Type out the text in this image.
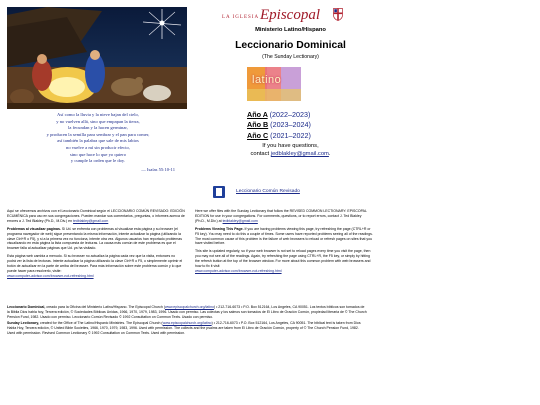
Así como la lluvia y la nieve bajan del cielo,
y no vuelven allá, sino que empapan la tierra,
la fecundan y la hacen germinar,
y producen la semilla para sembrar y el pan para comer,
así también la palabra que sale de mis labios
no vuelve a mí sin producir efecto,
sino que hace lo que yo quiero
y cumple la orden que le doy.
— Isaías 55:10-11
LA IGLESIA Episcopal
Ministerio Latino/Hispano
Leccionario Dominical
(The Sunday Lectionary)
latino
Año A (2022–2023)
Año B (2023–2024)
Año C (2021–2022)
If you have questions,
contact jedblakley@gmail.com.
Leccionario Común Revisado

Aquí se ofrecemos archivos con el Leccionario Dominical según el LECCIONARIO COMÚN REVISADO: EDICIÓN ECUMÉNICA para uso en sus congregaciones. Pueden mandar sus comentarios, preguntas, o informes acerca de errores a J. Ted Blakley (Ph.D., M.Div.) en tedblakley@gmail.com

Problemas al visualizar paginas. Si Ud. se enfrenta con problemas al visualizar esta página y su browser (el programa navegador de web) sigue presentando la misma información, intente actualizar la página (utilizando la clave Ctrl+R o F5), y si a la primera vez no funciona, intente otra vez. Algunos usuarios han reportado problemas visualizando en esta página la lista compuesta de lecturas. La causa más común de este problema es que el browser falla al actualizar páginas que Ud. ya ha visitado.

Esta página web cambia a menudo. Si su browser no actualiza la página cada vez que la visita, entonces no podrá ver la lista de lecturas. Intente actualizar la página utilizando la clave Ctrl+R o F5, o simplemente oprimir el botón de actualizar en la parte de arriba del browser. Para más información sobre este problema común y lo que puede hacer para resolverlo, visite:
www.computer-advisor.com/browser-not-refreshing.html

Here we offer files with the Sunday Lectionary that follow the REVISED COMMON LECTIONARY: EPISCOPAL EDITION for use in your congregations. For comments, questions, or to report errors, contact J. Ted Blakley (Ph.D., M.Div.) at tedblakley@gmail.com

Problems Viewing This Page. If you are having problems viewing this page, try refreshing the page (CTRL+R or F5 key). You may need to do this a couple of times. Some users have reported problems seeing all of the readings. The most common cause of this problem is the failure of web browsers to reload or refresh pages on sites that you have visited before.

This site is updated regularly, so if your web browser is not set to reload pages every time you visit the page, then you may not see all of the readings. Again, try refreshing the page using CTRL+R, the F5 key, or simply by hitting the refresh button at the top of the browser window. For more about this common problem with web browsers and how to fix it visit
www.computer-advisor.com/browser-not-refreshing.html

Leccionario Dominical, creado para la Oficina del Ministerio Latino/Hispano. The Episcopal Church (www.episcopalchurch.org/latino) • 212-716-6073 • P.O. Box 512164, Los Angeles, CA 90051. Los textos bíblicos son tomados de la Biblia Dios habla hoy, Tercera edición, © Sociedades Bíblicas Unidas, 1966, 1970, 1979, 1983, 1996. Usado con permiso. Las colectas y los salmos son tomados de El Libro de Oración Común, propiedad literaria de © The Church Pension Fund, 1982. Usado con permiso. Leccionario Común Revisado © 1992 Consultation on Common Texts. Usado con permiso.

Sunday Lectionary, created for the Office of The Latino/Hispanic Ministries. The Episcopal Church (www.episcopalchurch.org/latino) • 212-716-6073 • P.O. Box 512164, Los Angeles, CA 90051. The biblical text is taken from Dios Habla Hoy, Tercera edición, © United Bible Societies, 1966, 1970, 1979, 1983, 1996. Used with permission. The collects and the psalms are taken from El Libro de Oración Común, property of © The Church Pension Fund, 1982. Used with permission. Revised Common Lectionary © 1992 Consultation on Common Texts. Used with permission.
